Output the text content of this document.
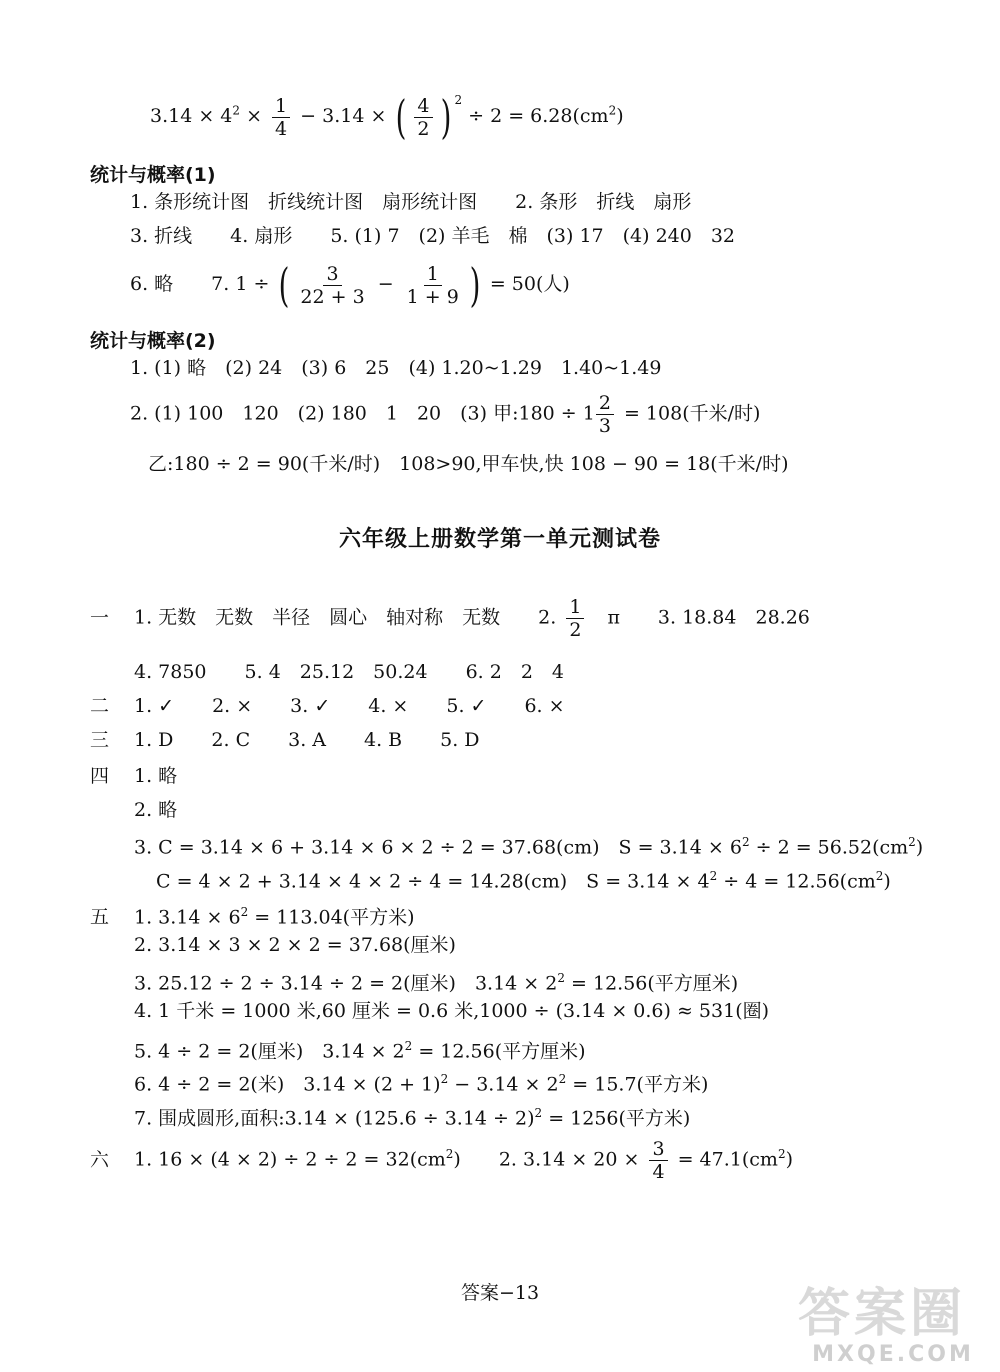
$3.14 \times 4^2 \times \frac{1}{4} - 3.14$ × ( $\frac{4}{2}$ ) $^2 \div 2 = 6.28(cm^2)$
统计与概率(1)
1. 条形统计图　折线统计图　扇形统计图　　2. 条形　折线　扇形
3. 折线　　4. 扇形　　5. (1) 7　(2) 羊毛　棉　(3) 17　(4) 240　32
6. 略　　7. 1 ÷ ( $\frac{3}{22 + 3} - \frac{1}{1 + 9}$ ) = 50(人)
统计与概率(2)
1. (1) 略　(2) 24　(3) 6　25　(4) 1.20~1.29　1.40~1.49
2. (1) 100　120　(2) 180　1　20　(3) 甲:180 ÷ $1 \frac{2}{3} = 108$(千米/时)
乙:180 ÷ 2 = 90(千米/时)　108>90,甲车快,快 108 − 90 = 18(千米/时)
六年级上册数学第一单元测试卷
一 1. 无数　无数　半径　圆心　轴对称　无数　　2. $\frac{1}{2}$ 　π　　3. 18.84　28.26
4. 7850　　5. 4　25.12　50.24　　6. 2　2　4
二 1. ✓　　2. ×　　3. ✓　　4. ×　　5. ✓　　6. ×
三 1. D　　2. C　　3. A　　4. B　　5. D
四 1. 略
2. 略
3. C = 3.14 × 6 + 3.14 × 6 × 2 ÷ 2 = 37.68(cm)　$S = 3.14 \times 6^2 \div 2 = 56.52(cm^2)$
C = 4 × 2 + 3.14 × 4 × 2 ÷ 4 = 14.28(cm)　$S = 3.14 \times 4^2 \div 4 = 12.56(cm^2)$
五 1. $3.14 \times 6^2 = 113.04$(平方米)
2. 3.14 × 3 × 2 × 2 = 37.68(厘米)
3. 25.12 ÷ 2 ÷ 3.14 ÷ 2 = 2(厘米)　$3.14 \times 2^2 = 12.56$(平方厘米)
4. 1 千米 = 1000 米,60 厘米 = 0.6 米,1000 ÷ (3.14 × 0.6) ≈ 531(圈)
5. 4 ÷ 2 = 2(厘米)　$3.14 \times 2^2 = 12.56$(平方厘米)
6. 4 ÷ 2 = 2(米)　$3.14 \times (2 + 1)^2 - 3.14 \times 2^2 = 15.7$(平方米)
7. 围成圆形,面积:3.14 × $(125.6 \div 3.14 \div 2)^2 = 1256$(平方米)
六 1. $16 \times (4 \times 2) \div 2 \div 2 = 32(cm^2)$　　2. $3.14 \times 20 \times \frac{3}{4} = 47.1(cm^2)$
答案−13	答案圈
MXQE.COM
